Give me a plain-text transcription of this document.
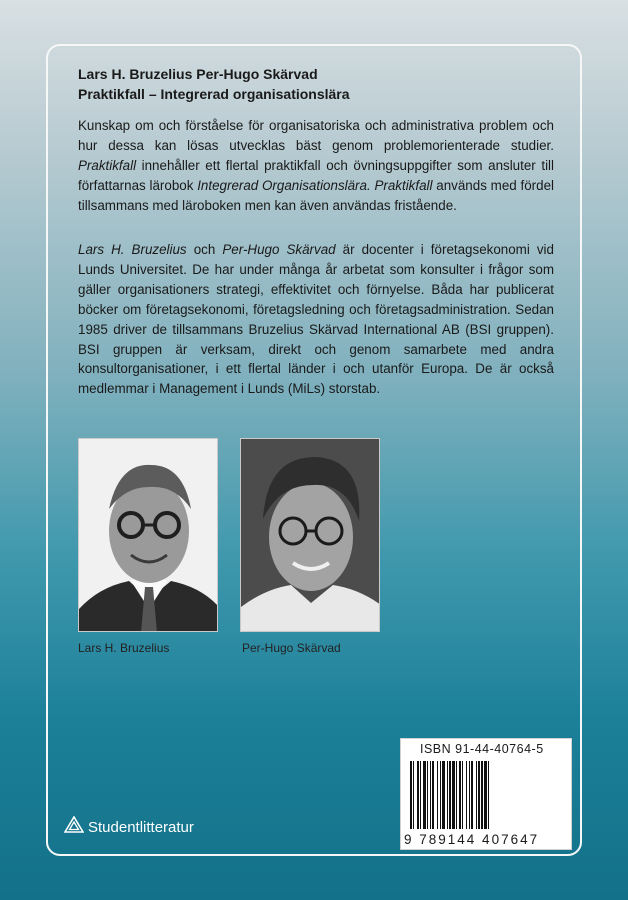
Lars H. Bruzelius Per-Hugo Skärvad
Praktikfall – Integrerad organisationslära

Kunskap om och förståelse för organisatoriska och administrativa problem och hur dessa kan lösas utvecklas bäst genom problemorienterade studier. Praktikfall innehåller ett flertal praktikfall och övningsuppgifter som ansluter till författarnas lärobok Integrerad Organisationslära. Praktikfall används med fördel tillsammans med läroboken men kan även användas fristående.

Lars H. Bruzelius och Per-Hugo Skärvad är docenter i företagsekonomi vid Lunds Universitet. De har under många år arbetat som konsulter i frågor som gäller organisationers strategi, effektivitet och förnyelse. Båda har publicerat böcker om företagsekonomi, företagsledning och företagsadministration. Sedan 1985 driver de tillsammans Bruzelius Skärvad International AB (BSI gruppen). BSI gruppen är verksam, direkt och genom samarbete med andra konsultorganisationer, i ett flertal länder i och utanför Europa. De är också medlemmar i Management i Lunds (MiLs) storstab.

Lars H. Bruzelius	Per-Hugo Skärvad
ISBN 91-44-40764-5
9 789144 407647
Studentlitteratur
